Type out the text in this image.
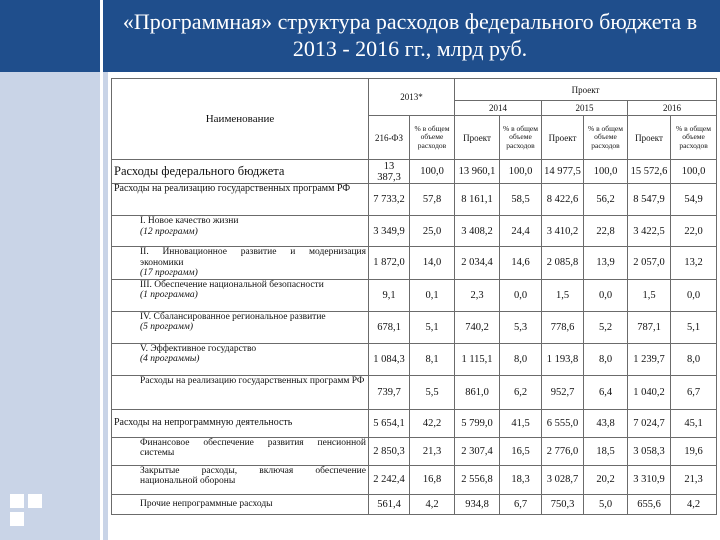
«Программная» структура расходов федерального бюджета в 2013 - 2016 гг., млрд руб.
Наименование	2013*		Проект					
			2014		2015		2016	
	216-ФЗ	% в общем объеме расходов	Проект	% в общем объеме расходов	Проект	% в общем объеме расходов	Проект	% в общем объеме расходов
Расходы федерального бюджета	13 387,3	100,0	13 960,1	100,0	14 977,5	100,0	15 572,6	100,0
Расходы на реализацию государственных программ РФ	7 733,2	57,8	8 161,1	58,5	8 422,6	56,2	8 547,9	54,9
I. Новое качество жизни
(12 программ)	3 349,9	25,0	3 408,2	24,4	3 410,2	22,8	3 422,5	22,0
II. Инновационное развитие и модернизация экономики
(17 программ)	1 872,0	14,0	2 034,4	14,6	2 085,8	13,9	2 057,0	13,2
III. Обеспечение национальной безопасности
(1 программа)	9,1	0,1	2,3	0,0	1,5	0,0	1,5	0,0
IV. Сбалансированное региональное развитие
(5 программ)	678,1	5,1	740,2	5,3	778,6	5,2	787,1	5,1
V. Эффективное государство
(4 программы)	1 084,3	8,1	1 115,1	8,0	1 193,8	8,0	1 239,7	8,0
Расходы на реализацию государственных программ РФ	739,7	5,5	861,0	6,2	952,7	6,4	1 040,2	6,7
Расходы на непрограммную деятельность	5 654,1	42,2	5 799,0	41,5	6 555,0	43,8	7 024,7	45,1
Финансовое обеспечение развития пенсионной системы	2 850,3	21,3	2 307,4	16,5	2 776,0	18,5	3 058,3	19,6
Закрытые расходы, включая обеспечение национальной обороны	2 242,4	16,8	2 556,8	18,3	3 028,7	20,2	3 310,9	21,3
Прочие непрограммные расходы	561,4	4,2	934,8	6,7	750,3	5,0	655,6	4,2
